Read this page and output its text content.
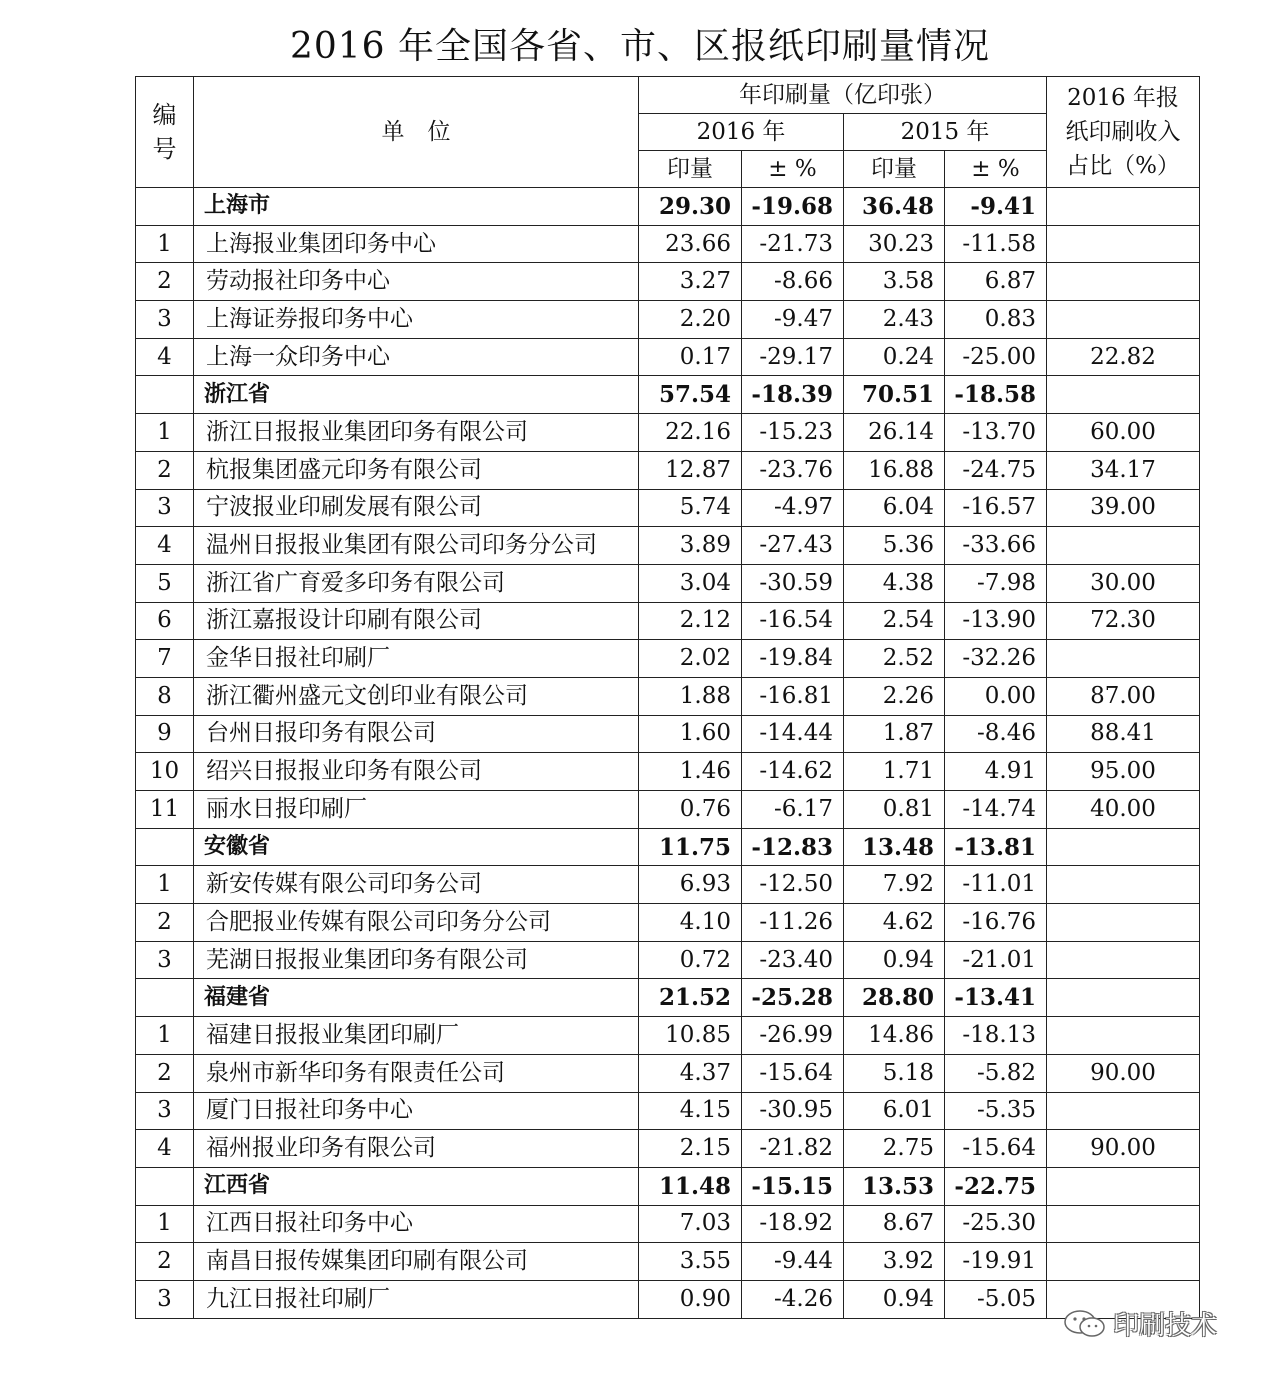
2016 年全国各省、市、区报纸印刷量情况
编号	单　位	年印刷量（亿印张）				2016 年报纸印刷收入占比（%）
		2016 年		2015 年		
		印量	± %	印量	± %	
	上海市	29.30	-19.68	36.48	-9.41	
1	上海报业集团印务中心	23.66	-21.73	30.23	-11.58	
2	劳动报社印务中心	3.27	-8.66	3.58	6.87	
3	上海证券报印务中心	2.20	-9.47	2.43	0.83	
4	上海一众印务中心	0.17	-29.17	0.24	-25.00	22.82
	浙江省	57.54	-18.39	70.51	-18.58	
1	浙江日报报业集团印务有限公司	22.16	-15.23	26.14	-13.70	60.00
2	杭报集团盛元印务有限公司	12.87	-23.76	16.88	-24.75	34.17
3	宁波报业印刷发展有限公司	5.74	-4.97	6.04	-16.57	39.00
4	温州日报报业集团有限公司印务分公司	3.89	-27.43	5.36	-33.66	
5	浙江省广育爱多印务有限公司	3.04	-30.59	4.38	-7.98	30.00
6	浙江嘉报设计印刷有限公司	2.12	-16.54	2.54	-13.90	72.30
7	金华日报社印刷厂	2.02	-19.84	2.52	-32.26	
8	浙江衢州盛元文创印业有限公司	1.88	-16.81	2.26	0.00	87.00
9	台州日报印务有限公司	1.60	-14.44	1.87	-8.46	88.41
10	绍兴日报报业印务有限公司	1.46	-14.62	1.71	4.91	95.00
11	丽水日报印刷厂	0.76	-6.17	0.81	-14.74	40.00
	安徽省	11.75	-12.83	13.48	-13.81	
1	新安传媒有限公司印务公司	6.93	-12.50	7.92	-11.01	
2	合肥报业传媒有限公司印务分公司	4.10	-11.26	4.62	-16.76	
3	芜湖日报报业集团印务有限公司	0.72	-23.40	0.94	-21.01	
	福建省	21.52	-25.28	28.80	-13.41	
1	福建日报报业集团印刷厂	10.85	-26.99	14.86	-18.13	
2	泉州市新华印务有限责任公司	4.37	-15.64	5.18	-5.82	90.00
3	厦门日报社印务中心	4.15	-30.95	6.01	-5.35	
4	福州报业印务有限公司	2.15	-21.82	2.75	-15.64	90.00
	江西省	11.48	-15.15	13.53	-22.75	
1	江西日报社印务中心	7.03	-18.92	8.67	-25.30	
2	南昌日报传媒集团印刷有限公司	3.55	-9.44	3.92	-19.91	
3	九江日报社印刷厂	0.90	-4.26	0.94	-5.05	
印刷技术
